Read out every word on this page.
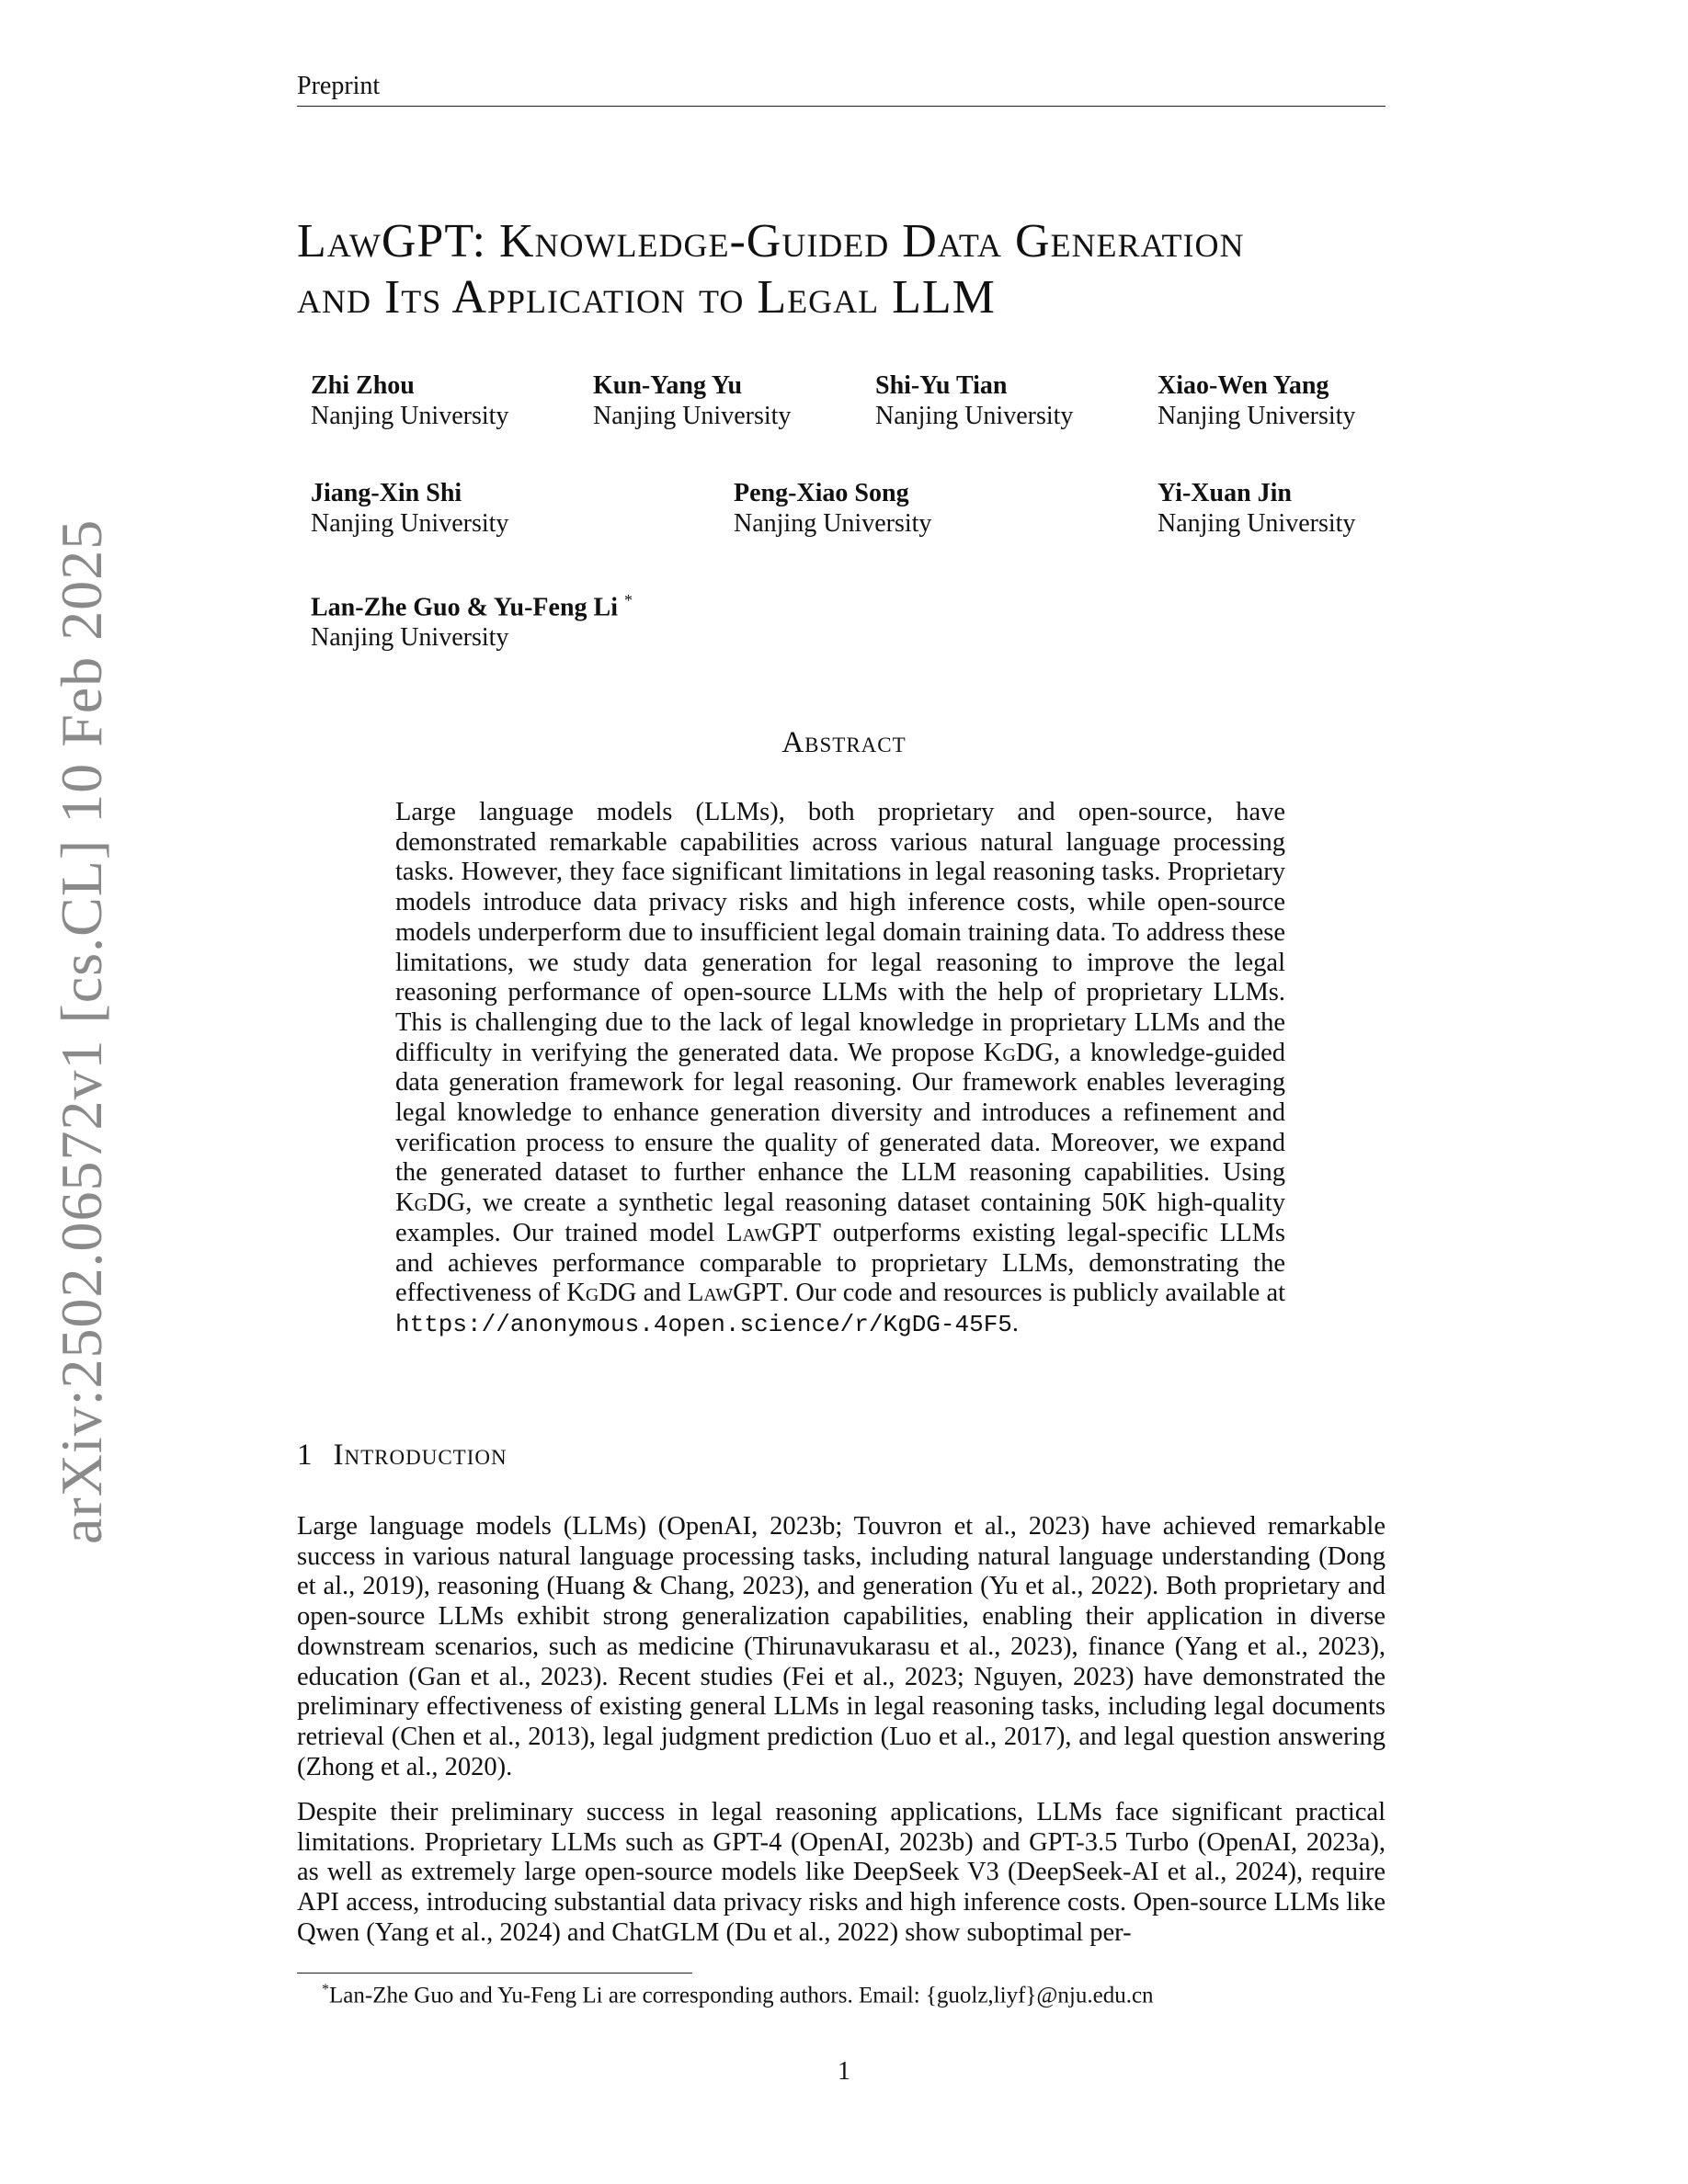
Preprint
LawGPT: Knowledge-Guided Data Generation
and Its Application to Legal LLM
Zhi Zhou
Nanjing University
Kun-Yang Yu
Nanjing University
Shi-Yu Tian
Nanjing University
Xiao-Wen Yang
Nanjing University
Jiang-Xin Shi
Nanjing University
Peng-Xiao Song
Nanjing University
Yi-Xuan Jin
Nanjing University
Lan-Zhe Guo & Yu-Feng Li *
Nanjing University
Abstract
Large language models (LLMs), both proprietary and open-source, have demonstrated remarkable capabilities across various natural language processing tasks. However, they face significant limitations in legal reasoning tasks. Proprietary models introduce data privacy risks and high inference costs, while open-source models underperform due to insufficient legal domain training data. To address these limitations, we study data generation for legal reasoning to improve the legal reasoning performance of open-source LLMs with the help of proprietary LLMs. This is challenging due to the lack of legal knowledge in proprietary LLMs and the difficulty in verifying the generated data. We propose KgDG, a knowledge-guided data generation framework for legal reasoning. Our framework enables leveraging legal knowledge to enhance generation diversity and introduces a refinement and verification process to ensure the quality of generated data. Moreover, we expand the generated dataset to further enhance the LLM reasoning capabilities. Using KgDG, we create a synthetic legal reasoning dataset containing 50K high-quality examples. Our trained model LawGPT outperforms existing legal-specific LLMs and achieves performance comparable to proprietary LLMs, demonstrating the effectiveness of KgDG and LawGPT. Our code and resources is publicly available at https://anonymous.4open.science/r/KgDG-45F5.
1 Introduction
Large language models (LLMs) (OpenAI, 2023b; Touvron et al., 2023) have achieved remarkable success in various natural language processing tasks, including natural language understanding (Dong et al., 2019), reasoning (Huang & Chang, 2023), and generation (Yu et al., 2022). Both proprietary and open-source LLMs exhibit strong generalization capabilities, enabling their application in diverse downstream scenarios, such as medicine (Thirunavukarasu et al., 2023), finance (Yang et al., 2023), education (Gan et al., 2023). Recent studies (Fei et al., 2023; Nguyen, 2023) have demonstrated the preliminary effectiveness of existing general LLMs in legal reasoning tasks, including legal documents retrieval (Chen et al., 2013), legal judgment prediction (Luo et al., 2017), and legal question answering (Zhong et al., 2020).
Despite their preliminary success in legal reasoning applications, LLMs face significant practical limitations. Proprietary LLMs such as GPT-4 (OpenAI, 2023b) and GPT-3.5 Turbo (OpenAI, 2023a), as well as extremely large open-source models like DeepSeek V3 (DeepSeek-AI et al., 2024), require API access, introducing substantial data privacy risks and high inference costs. Open-source LLMs like Qwen (Yang et al., 2024) and ChatGLM (Du et al., 2022) show suboptimal per-
*Lan-Zhe Guo and Yu-Feng Li are corresponding authors. Email: {guolz,liyf}@nju.edu.cn
1
arXiv:2502.06572v1 [cs.CL] 10 Feb 2025
